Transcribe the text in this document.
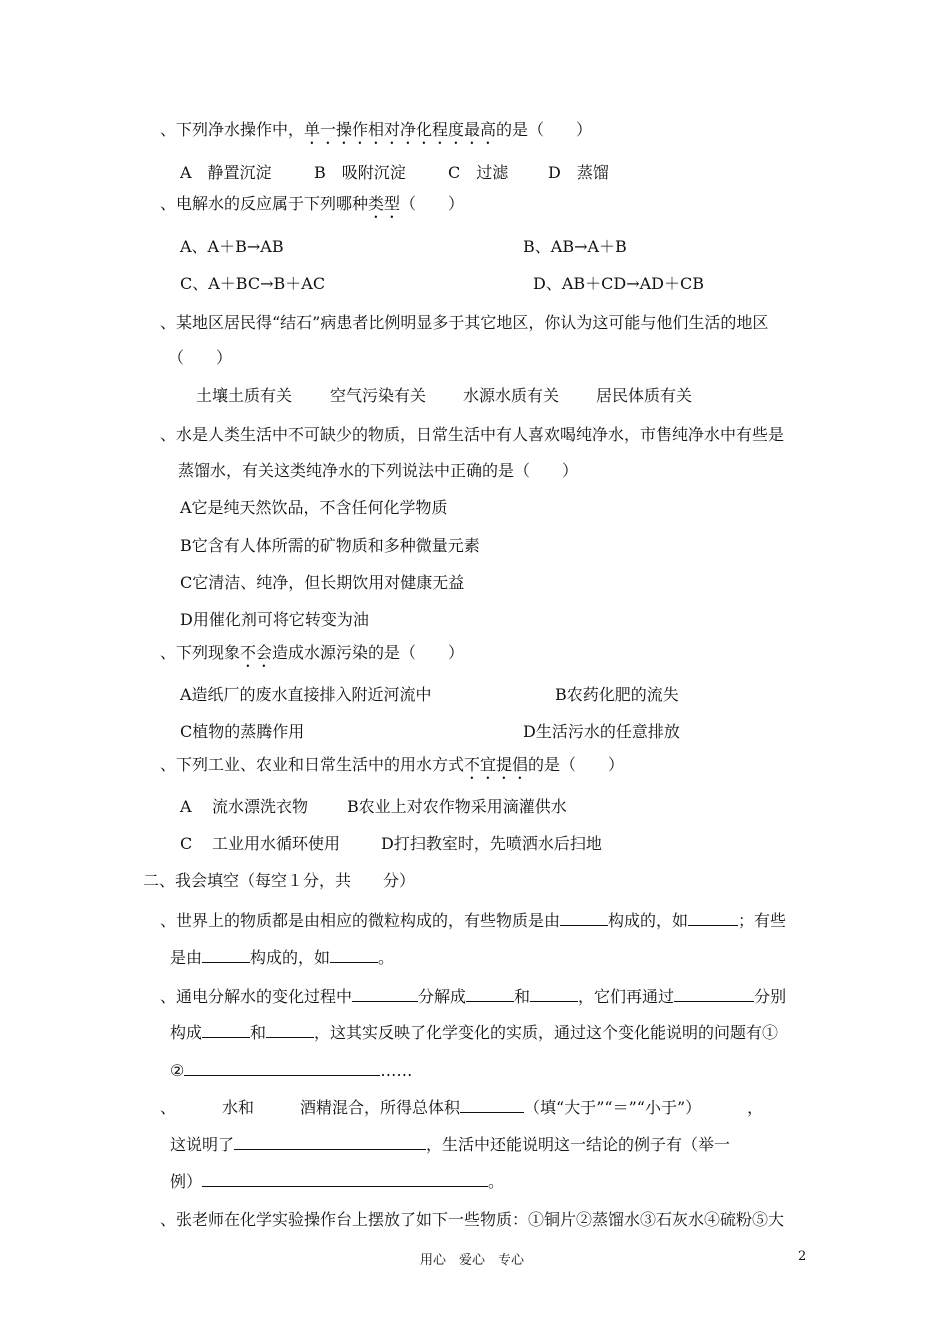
、下列净水操作中，单一操作相对净化程度最高的是（　　）
A　静置沉淀	B　吸附沉淀	C　过滤 D　蒸馏
、电解水的反应属于下列哪种类型（　　）
A、A＋B→AB	B、AB→A＋B
C、A＋BC→B＋AC	D、AB＋CD→AD＋CB
、某地区居民得“结石”病患者比例明显多于其它地区，你认为这可能与他们生活的地区
（　　）
土壤土质有关 空气污染有关 水源水质有关 居民体质有关
、水是人类生活中不可缺少的物质，日常生活中有人喜欢喝纯净水，市售纯净水中有些是
蒸馏水，有关这类纯净水的下列说法中正确的是（　　）
A它是纯天然饮品，不含任何化学物质
B它含有人体所需的矿物质和多种微量元素
C它清洁、纯净，但长期饮用对健康无益
D用催化剂可将它转变为油
、下列现象不会造成水源污染的是（　　）
A造纸厂的废水直接排入附近河流中	B农药化肥的流失
C植物的蒸腾作用	D生活污水的任意排放
、下列工业、农业和日常生活中的用水方式不宜提倡的是（　　）
A 流水漂洗衣物 B农业上对农作物采用滴灌供水
C 工业用水循环使用	D打扫教室时，先喷洒水后扫地
二、我会填空（每空１分，共　　分）
、世界上的物质都是由相应的微粒构成的，有些物质是由	构成的，如	；有些
是由	构成的，如	。
、通电分解水的变化过程中	分解成	和	，它们再通过	分别
构成	和	，这其实反映了化学变化的实质，通过这个变化能说明的问题有①
②	……
、	水和	酒精混合，所得总体积	（填“大于”“＝”“小于”）	，
这说明了	，生活中还能说明这一结论的例子有（举一
例）	。
、张老师在化学实验操作台上摆放了如下一些物质：①铜片②蒸馏水③石灰水④硫粉⑤大
用心　爱心　专心	2
